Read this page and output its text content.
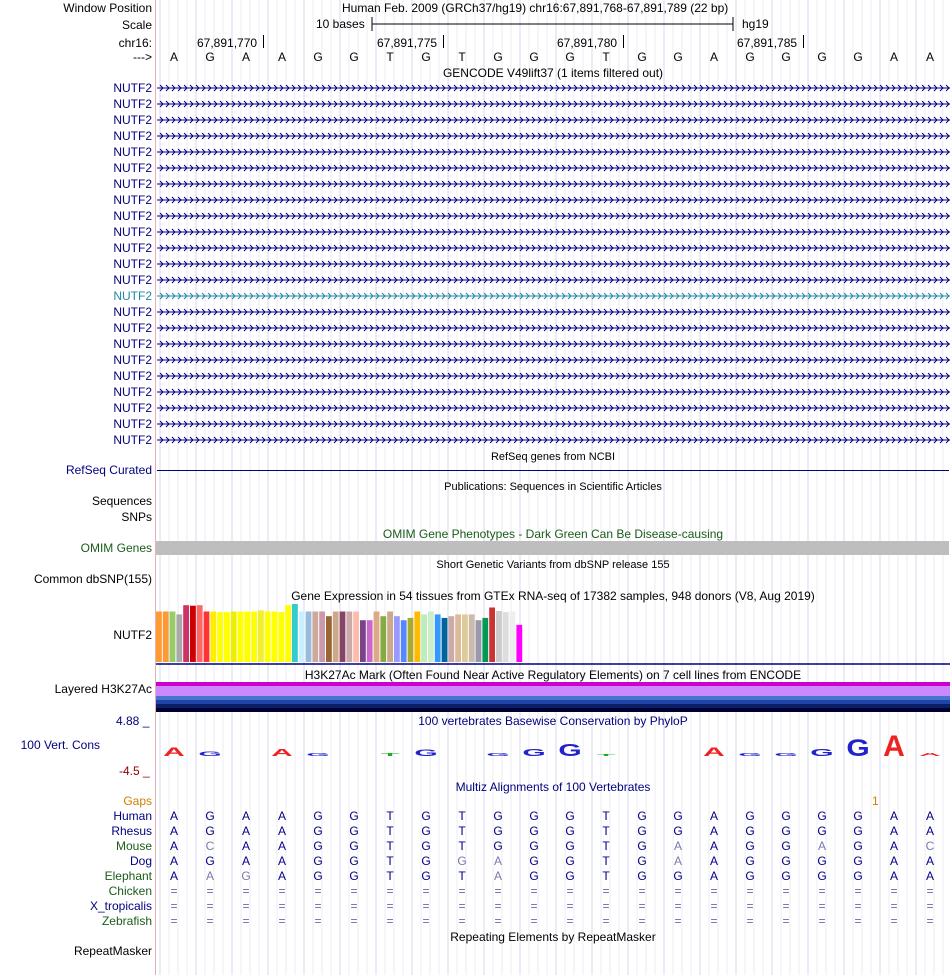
Window Position	Human Feb. 2009 (GRCh37/hg19) chr16:67,891,768-67,891,789 (22 bp)
Scale	10 bases	hg19
chr16:	67,891,770	67,891,775	67,891,780	67,891,785
--->	A	G	A	A	G	G	T	G	T	G	G	G	T	G	G	A	G	G	G	G	A	A
GENCODE V49lift37 (1 items filtered out)
NUTF2
NUTF2
NUTF2
NUTF2
NUTF2
NUTF2
NUTF2
NUTF2
NUTF2
NUTF2
NUTF2
NUTF2
NUTF2
NUTF2
NUTF2
NUTF2
NUTF2
NUTF2
NUTF2
NUTF2
NUTF2
NUTF2
NUTF2
RefSeq genes from NCBI
RefSeq Curated
Publications: Sequences in Scientific Articles
Sequences
SNPs
OMIM Gene Phenotypes - Dark Green Can Be Disease-causing
OMIM Genes
Short Genetic Variants from dbSNP release 155
Common dbSNP(155)
Gene Expression in 54 tissues from GTEx RNA-seq of 17382 samples, 948 donors (V8, Aug 2019)
NUTF2
H3K27Ac Mark (Often Found Near Active Regulatory Elements) on 7 cell lines from ENCODE
Layered H3K27Ac
4.88 _	100 vertebrates Basewise Conservation by PhyloP
100 Vert. Cons
-4.5 _
A G A G T G G G G T	A G G G G A A
Multiz Alignments of 100 Vertebrates
Gaps	1
Human	A	G	A	A	G	G	T	G	T	G	G	G	T	G	G	A	G	G	G	G	A	A
Rhesus	A	G	A	A	G	G	T	G	T	G	G	G	T	G	G	A	G	G	G	G	A	A
Mouse	A	C	A	A	G	G	T	G	T	G	G	G	T	G	A	A	G	G	A	G	A	C
Dog	A	G	A	A	G	G	T	G	G	A	G	G	T	G	A	A	G	G	G	G	A	A
Elephant	A	A	G	A	G	G	T	G	T	A	G	G	T	G	G	A	G	G	G	G	A	A
Chicken	=	=	=	=	=	=	=	=	=	=	=	=	=	=	=	=	=	=	=	=	=	=
X_tropicalis	=	=	=	=	=	=	=	=	=	=	=	=	=	=	=	=	=	=	=	=	=	=
Zebrafish	=	=	=	=	=	=	=	=	=	=	=	=	=	=	=	=	=	=	=	=	=	=
Repeating Elements by RepeatMasker
RepeatMasker
